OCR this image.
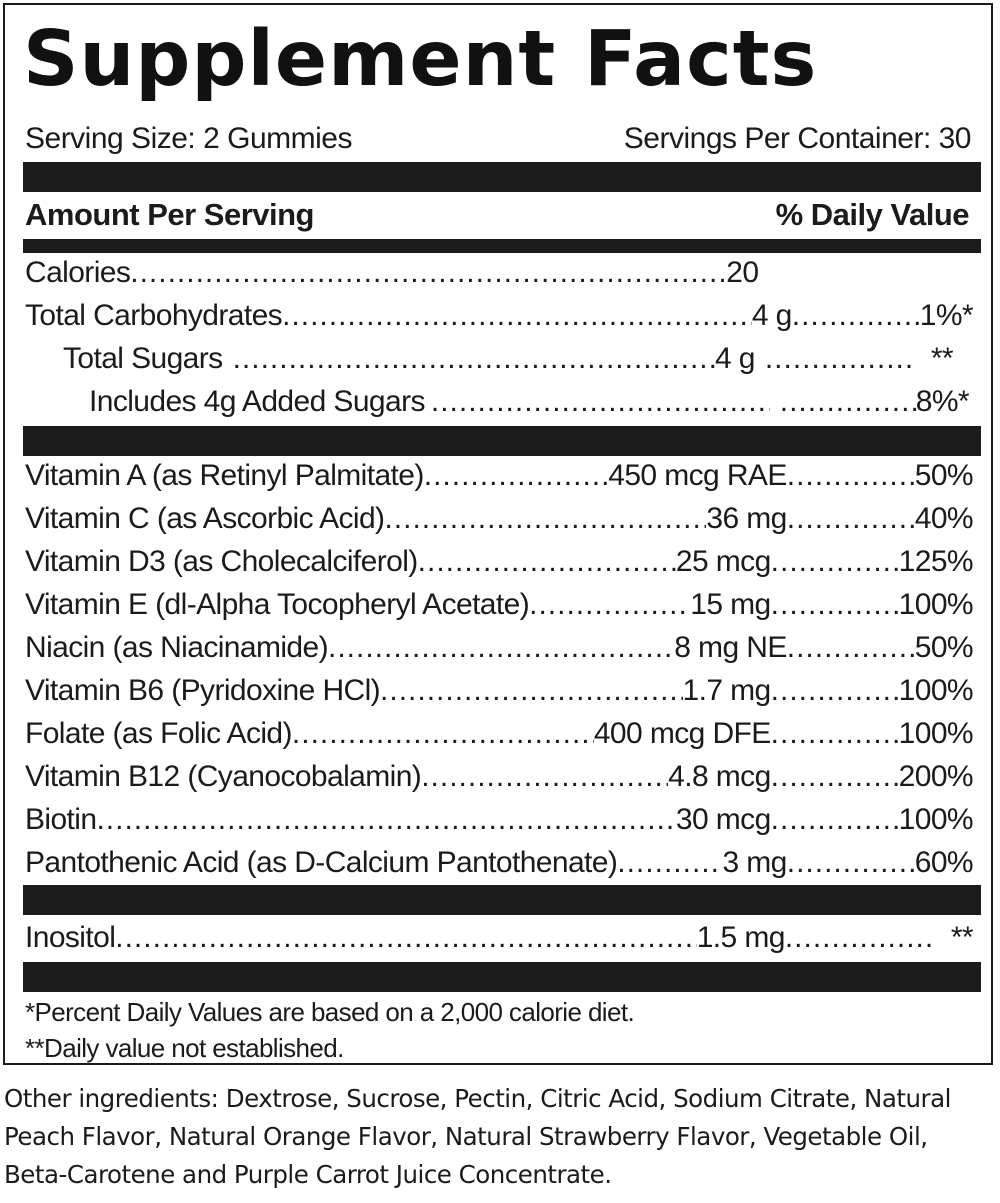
Supplement Facts
Serving Size: 2 Gummies	Servings Per Container: 30
Amount Per Serving	% Daily Value
Calories .....	20
Total Carbohydrates .....	4 g .....	1%*
Total Sugars .....	4 g .....	**
Includes 4g Added Sugars ..... .....	8%*
Vitamin A (as Retinyl Palmitate) .....	450 mcg RAE .....	50%
Vitamin C (as Ascorbic Acid) .....	36 mg .....	40%
Vitamin D3 (as Cholecalciferol) .....	25 mcg .....	125%
Vitamin E (dl-Alpha Tocopheryl Acetate) .....	15 mg .....	100%
Niacin (as Niacinamide) .....	8 mg NE .....	50%
Vitamin B6 (Pyridoxine HCl) .....	1.7 mg .....	100%
Folate (as Folic Acid) .....	400 mcg DFE .....	100%
Vitamin B12 (Cyanocobalamin) .....	4.8 mcg .....	200%
Biotin .....	30 mcg .....	100%
Pantothenic Acid (as D-Calcium Pantothenate) .....	3 mg .....	60%
Inositol .....	1.5 mg .....	**
*Percent Daily Values are based on a 2,000 calorie diet.
**Daily value not established.

Other ingredients: Dextrose, Sucrose, Pectin, Citric Acid, Sodium Citrate, Natural Peach Flavor, Natural Orange Flavor, Natural Strawberry Flavor, Vegetable Oil, Beta-Carotene and Purple Carrot Juice Concentrate.
